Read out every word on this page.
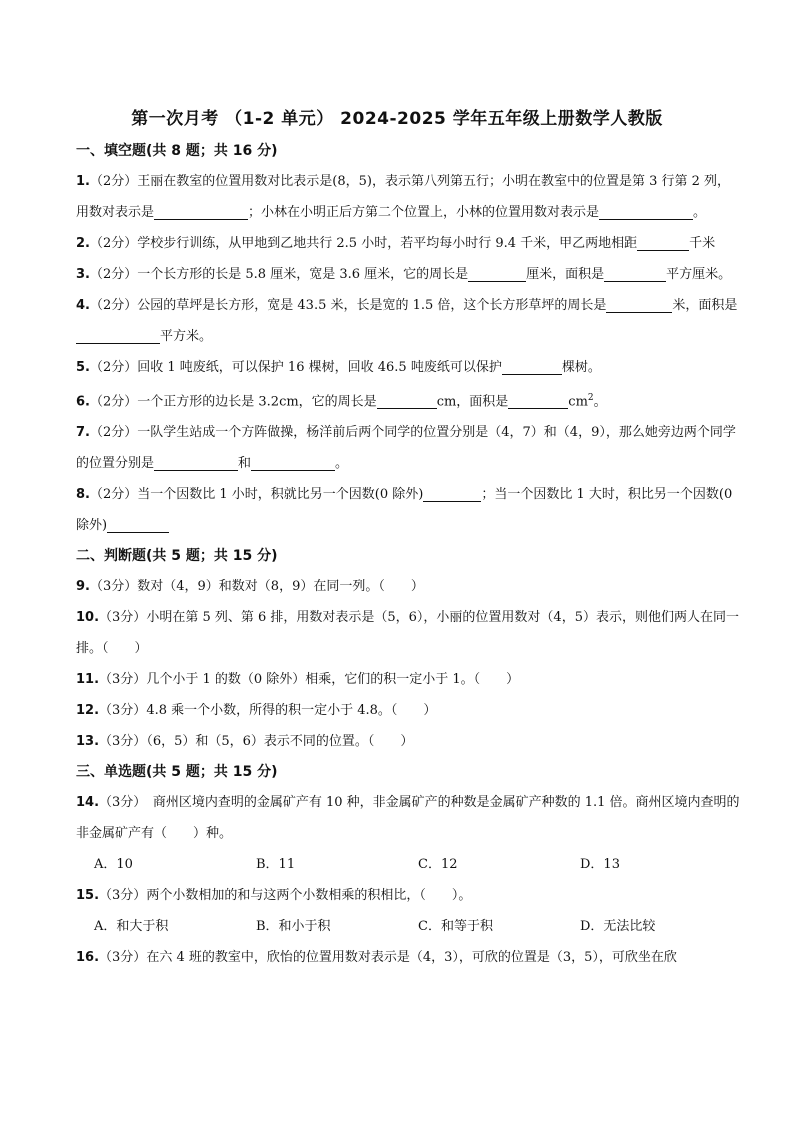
第一次月考 （1-2 单元） 2024-2025 学年五年级上册数学人教版
一、填空题(共 8 题；共 16 分)
1.（2分）王丽在教室的位置用数对比表示是(8，5)，表示第八列第五行；小明在教室中的位置是第 3 行第 2 列，用数对表示是	；小林在小明正后方第二个位置上，小林的位置用数对表示是	。
2.（2分）学校步行训练，从甲地到乙地共行 2.5 小时，若平均每小时行 9.4 千米，甲乙两地相距	千米
3.（2分）一个长方形的长是 5.8 厘米，宽是 3.6 厘米，它的周长是	厘米，面积是	平方厘米。
4.（2分）公园的草坪是长方形，宽是 43.5 米，长是宽的 1.5 倍，这个长方形草坪的周长是	米，面积是平方米。
5.（2分）回收 1 吨废纸，可以保护 16 棵树，回收 46.5 吨废纸可以保护	棵树。
6.（2分）一个正方形的边长是 3.2cm，它的周长是	cm，面积是	$cm^2$。
7.（2分）一队学生站成一个方阵做操，杨洋前后两个同学的位置分别是（4，7）和（4，9），那么她旁边两个同学的位置分别是	和	。
8.（2分）当一个因数比 1 小时，积就比另一个因数(0 除外)	；当一个因数比 1 大时，积比另一个因数(0 除外)
二、判断题(共 5 题；共 15 分)
9.（3分）数对（4，9）和数对（8，9）在同一列。（　　）
10.（3分）小明在第 5 列、第 6 排，用数对表示是（5，6），小丽的位置用数对（4，5）表示，则他们两人在同一排。（　　）
11.（3分）几个小于 1 的数（0 除外）相乘，它们的积一定小于 1。（　　）
12.（3分）4.8 乘一个小数，所得的积一定小于 4.8。（　　）
13.（3分）（6，5）和（5，6）表示不同的位置。（　　）
三、单选题(共 5 题；共 15 分)
14.（3分）　商州区境内查明的金属矿产有 10 种，非金属矿产的种数是金属矿产种数的 1.1 倍。商州区境内查明的非金属矿产有（　　）种。
A．10	B．11	C．12	D．13
15.（3分）两个小数相加的和与这两个小数相乘的积相比，（　　）。
A．和大于积	B．和小于积	C．和等于积	D．无法比较
16.（3分）在六 4 班的教室中，欣怡的位置用数对表示是（4，3），可欣的位置是（3，5），可欣坐在欣
